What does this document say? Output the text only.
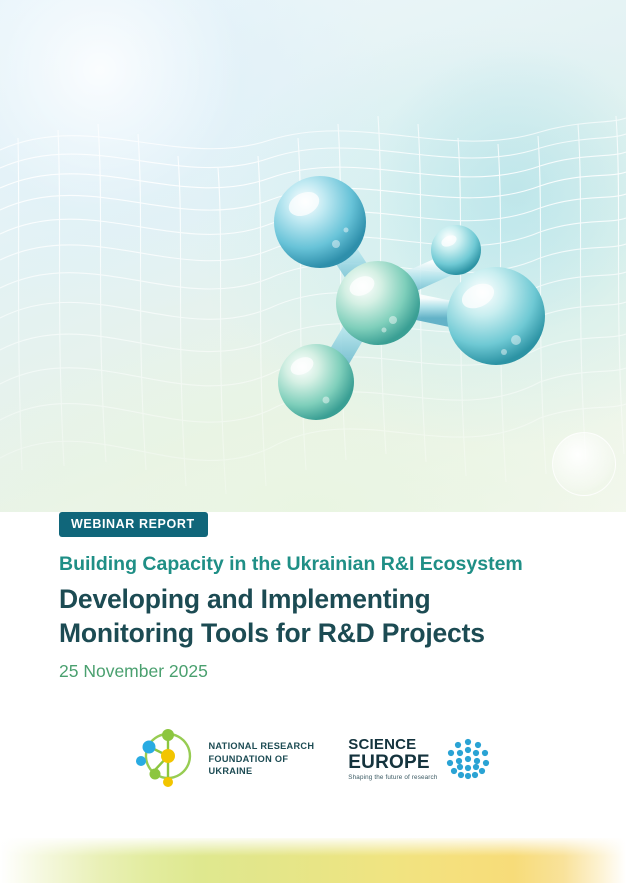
WEBINAR REPORT
Building Capacity in the Ukrainian R&I Ecosystem
Developing and Implementing
Monitoring Tools for R&D Projects
25 November 2025
NATIONAL RESEARCH
FOUNDATION OF
UKRAINE
SCIENCE
EUROPE
Shaping the future of research
